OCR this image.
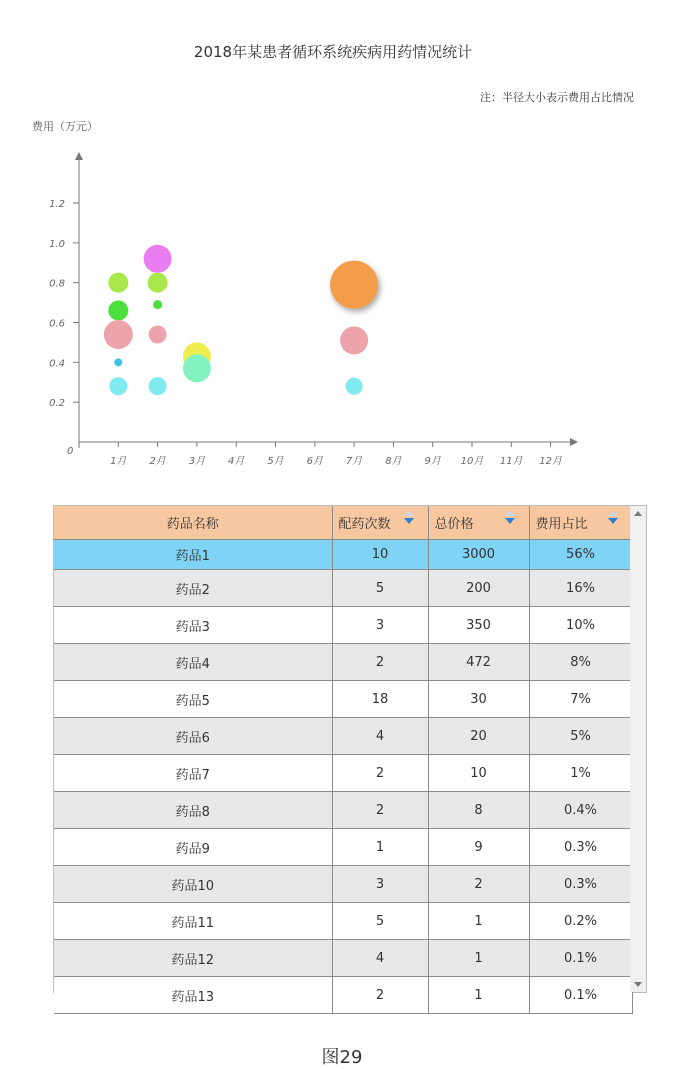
2018年某患者循环系统疾病用药情况统计
注：半径大小表示费用占比情况
费用（万元）
0
1月 2月 3月 4月 5月 6月 7月 8月 9月 10月 11月 12月
0.2
0.4
0.6
0.8
1.0
1.2
药品名称	配药次数	总价格	费用占比

药品1	10	3000	56%
药品2	5	200	16%
药品3	3	350	10%
药品4	2	472	8%
药品5	18	30	7%
药品6	4	20	5%
药品7	2	10	1%
药品8	2	8	0.4%
药品9	1	9	0.3%
药品10	3	2	0.3%
药品11	5	1	0.2%
药品12	4	1	0.1%
药品13	2	1	0.1%
图29
